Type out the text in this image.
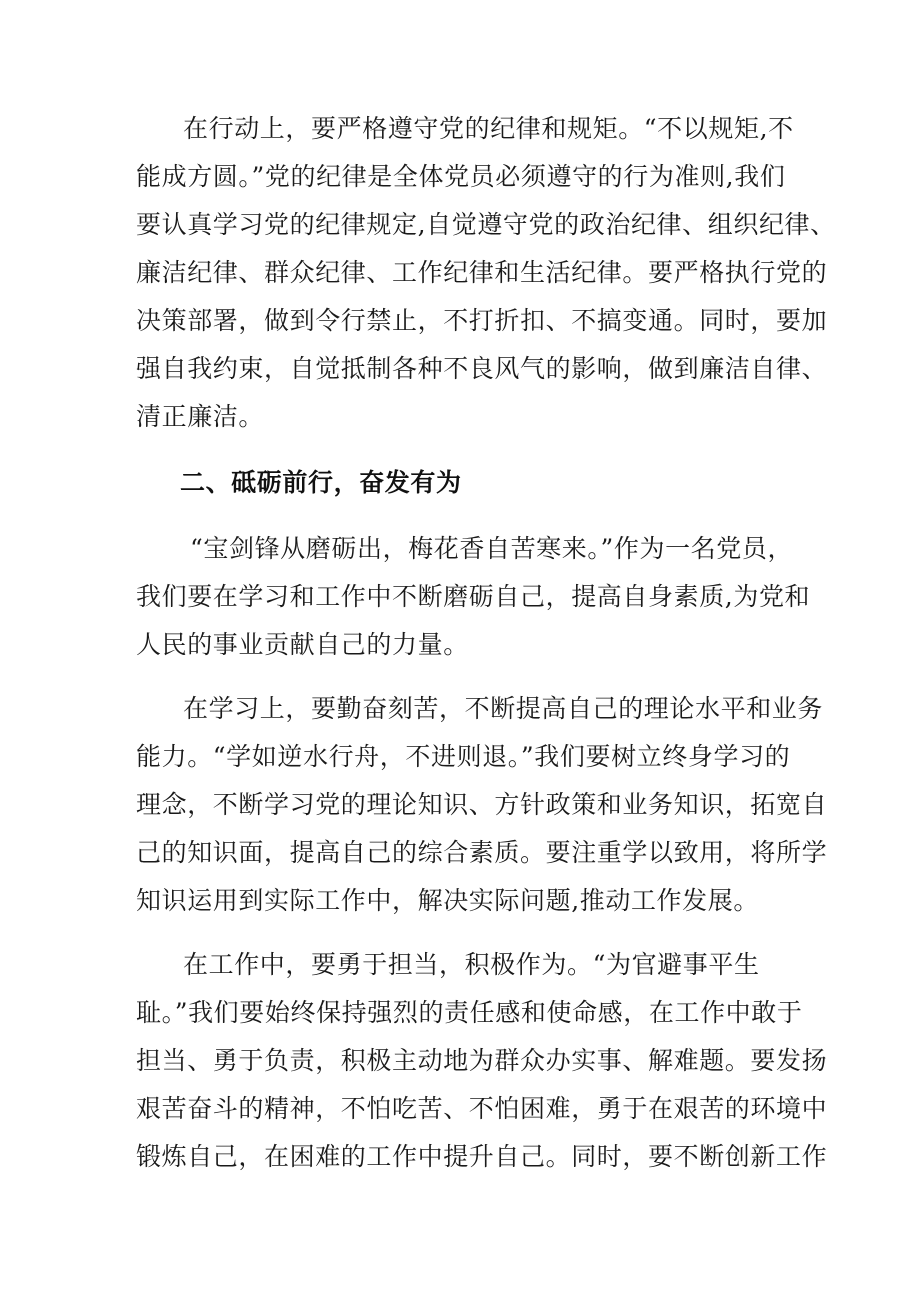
在行动上，要严格遵守党的纪律和规矩。“不以规矩,不

能成方圆。”党的纪律是全体党员必须遵守的行为准则,我们

要认真学习党的纪律规定,自觉遵守党的政治纪律、组织纪律、

廉洁纪律、群众纪律、工作纪律和生活纪律。要严格执行党的

决策部署，做到令行禁止，不打折扣、不搞变通。同时，要加

强自我约束，自觉抵制各种不良风气的影响，做到廉洁自律、

清正廉洁。

二、砥砺前行，奋发有为

“宝剑锋从磨砺出，梅花香自苦寒来。”作为一名党员，

我们要在学习和工作中不断磨砺自己，提高自身素质,为党和

人民的事业贡献自己的力量。

在学习上，要勤奋刻苦，不断提高自己的理论水平和业务

能力。“学如逆水行舟，不进则退。”我们要树立终身学习的

理念，不断学习党的理论知识、方针政策和业务知识，拓宽自

己的知识面，提高自己的综合素质。要注重学以致用，将所学

知识运用到实际工作中，解决实际问题,推动工作发展。

在工作中，要勇于担当，积极作为。“为官避事平生

耻。”我们要始终保持强烈的责任感和使命感，在工作中敢于

担当、勇于负责，积极主动地为群众办实事、解难题。要发扬

艰苦奋斗的精神，不怕吃苦、不怕困难，勇于在艰苦的环境中

锻炼自己，在困难的工作中提升自己。同时，要不断创新工作
